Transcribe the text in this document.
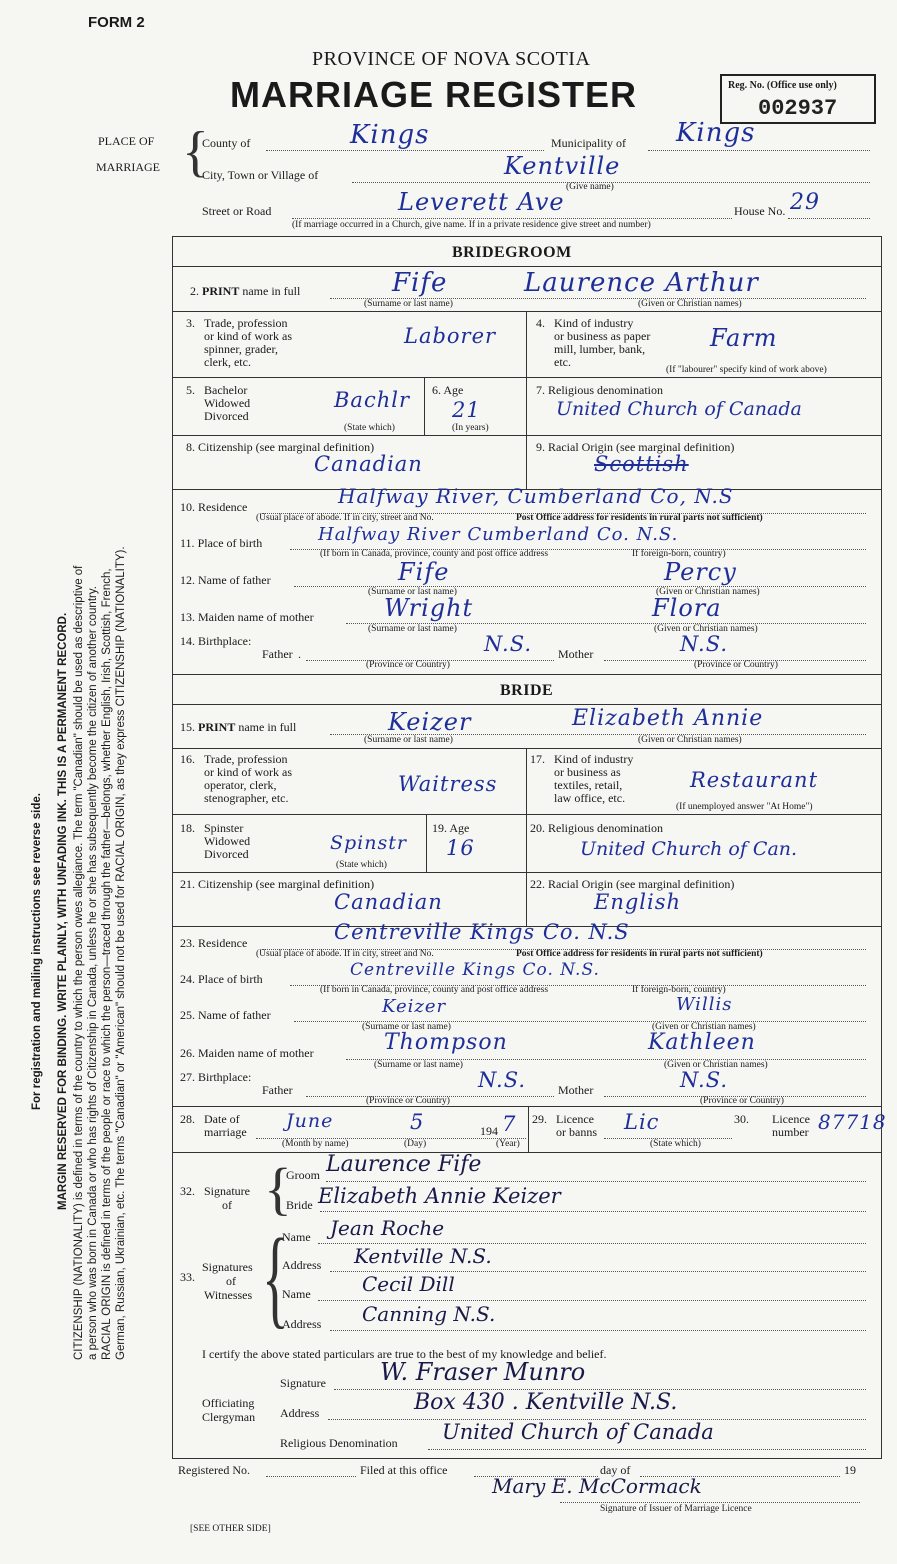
For registration and mailing instructions see reverse side. MARGIN RESERVED FOR BINDING. WRITE PLAINLY, WITH UNFADING INK. THIS IS A PERMANENT RECORD. CITIZENSHIP (NATIONALITY) is defined in terms of the country to which the person owes allegiance. The term "Canadian" should be used as descriptive of a person who was born in Canada or who has rights of Citizenship in Canada, unless he or she has subsequently become the citizen of another country. RACIAL ORIGIN is defined in terms of the people or race to which the person—traced through the father—belongs, whether English, Irish, Scottish, French, German, Russian, Ukrainian, etc. The terms "Canadian" or "American" should not be used for RACIAL ORIGIN, as they express CITIZENSHIP (NATIONALITY).
FORM 2
PROVINCE OF NOVA SCOTIA
MARRIAGE REGISTER	Reg. No. (Office use only)
002937
PLACE OF
MARRIAGE {
County of	Kings	Municipality of Kings
City, Town or Village of	Kentville
(Give name)
Street or Road	Leverett Ave	House No. 29
(If marriage occurred in a Church, give name. If in a private residence give street and number)
BRIDEGROOM
2. PRINT name in full	Fife	Laurence Arthur
(Surname or last name)	(Given or Christian names)
3. Trade, profession
or kind of work as
spinner, grader,
clerk, etc.
Laborer
4. Kind of industry
or business as paper
mill, lumber, bank,
etc.
Farm
(If "labourer" specify kind of work above)
5. Bachelor
Widowed
Divorced
Bachlr
(State which)
6. Age
21
(In years)
7. Religious denomination
United Church of Canada
8. Citizenship (see marginal definition)
Canadian
9. Racial Origin (see marginal definition)
Scottish
10. Residence	Halfway River, Cumberland Co, N.S
(Usual place of abode. If in city, street and No.	Post Office address for residents in rural parts not sufficient)
11. Place of birth	Halfway River Cumberland Co. N.S.
(If born in Canada, province, county and post office address	If foreign-born, country)
12. Name of father	Fife	Percy
(Surname or last name)	(Given or Christian names)
13. Maiden name of mother	Wright	Flora
(Surname or last name)	(Given or Christian names)
14. Birthplace:
Father .	N.S. Mother	N.S.
(Province or Country)	(Province or Country)
BRIDE
15. PRINT name in full	Keizer	Elizabeth Annie
(Surname or last name)	(Given or Christian names)
16. Trade, profession
or kind of work as
operator, clerk,
stenographer, etc.
Waitress
17. Kind of industry
or business as
textiles, retail,
law office, etc.
Restaurant
(If unemployed answer "At Home")
18. Spinster
Widowed
Divorced	Spinstr
(State which)
19. Age
16
20. Religious denomination
United Church of Can.
21. Citizenship (see marginal definition)
Canadian
22. Racial Origin (see marginal definition)
English
23. Residence	Centreville Kings Co. N.S
(Usual place of abode. If in city, street and No.	Post Office address for residents in rural parts not sufficient)
24. Place of birth	Centreville Kings Co. N.S.
(If born in Canada, province, county and post office address	If foreign-born, country)
25. Name of father	Keizer	Willis
(Surname or last name)	(Given or Christian names)
26. Maiden name of mother	Thompson	Kathleen
(Surname or last name)	(Given or Christian names)
27. Birthplace:
Father	N.S.	Mother	N.S.
(Province or Country)	(Province or Country)
28. Date of
marriage June	5	194 7
(Month by name)	(Day)	(Year)
29. Licence
or banns Lic
(State which)
30. Licence
number 87718
32. Signature
of {
Groom Laurence Fife
Bride Elizabeth Annie Keizer
33.
Signatures
of
Witnesses {
Name Jean Roche
Address Kentville N.S.
Name	Cecil Dill
Address Canning N.S.
I certify the above stated particulars are true to the best of my knowledge and belief.
Officiating
Clergyman
Signature W. Fraser Munro
Address	Box 430 . Kentville N.S.
Religious Denomination United Church of Canada
Registered No.	Filed at this office	day of	19
Mary E. McCormack
Signature of Issuer of Marriage Licence
[SEE OTHER SIDE]
